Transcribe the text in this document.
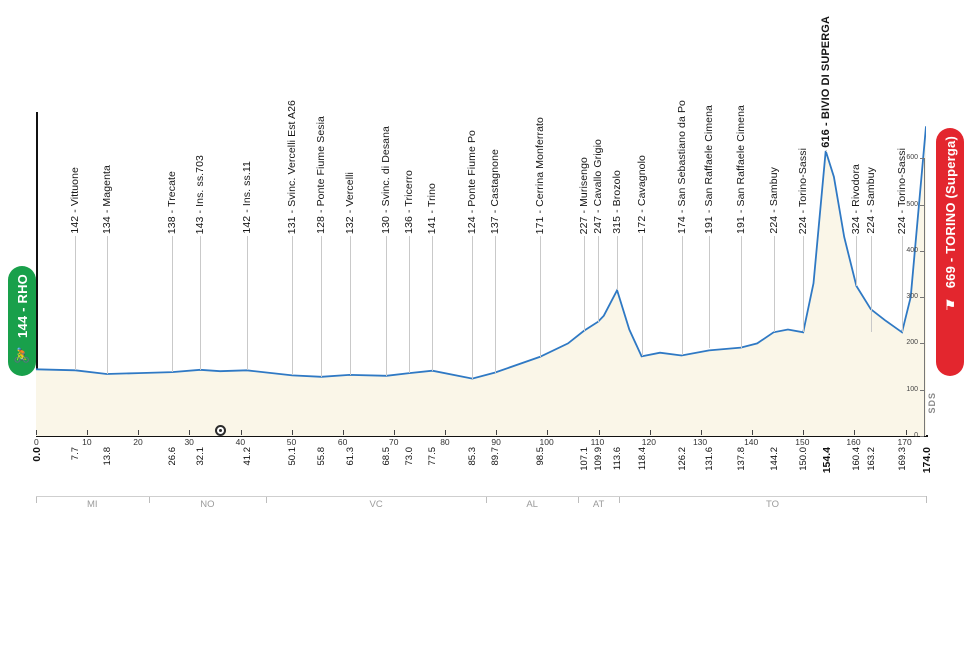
144 - RHO
🚴
669 - TORINO (Superga)
⚑
142 - Vittuone 134 - Magenta	138 - Trecate 143 - Ins. ss.703	142 - Ins. ss.11	131 - Svinc. Vercelli Est A26 128 - Ponte Fiume Sesia 132 - Vercelli 130 - Svinc. di Desana 136 - Tricerro 141 - Trino	124 - Ponte Fiume Po 137 - Castagnone	171 - Cerrina Monferrato	227 - Murisengo 247 - Cavallo Grigio 315 - Brozolo 172 - Cavagnolo	174 - San Sebastiano da Po 191 - San Raffaele Cimena 191 - San Raffaele Cimena 224 - Sambuy 224 - Torino-Sassi
616 - BIVIO DI SUPERGA
324 - Rivodora 224 - Sambuy 224 - Torino-Sassi
0	10	20	30	40	50	60	70	80	90	100	110	120	130	140	150	160	170
0.0	7.7 13.8	26.6 32.1	41.2	50.1 55.8 61.3	68.5 73.0 77.5	85.3 89.7	98.5	107.1 109.9 113.6 118.4	126.2 131.6 137.8 144.2 150.0 154.4 160.4 163.2 169.3 174.0
MI	NO	VC	AL	AT	TO
0
100
200
300
400
500
600
SDS
